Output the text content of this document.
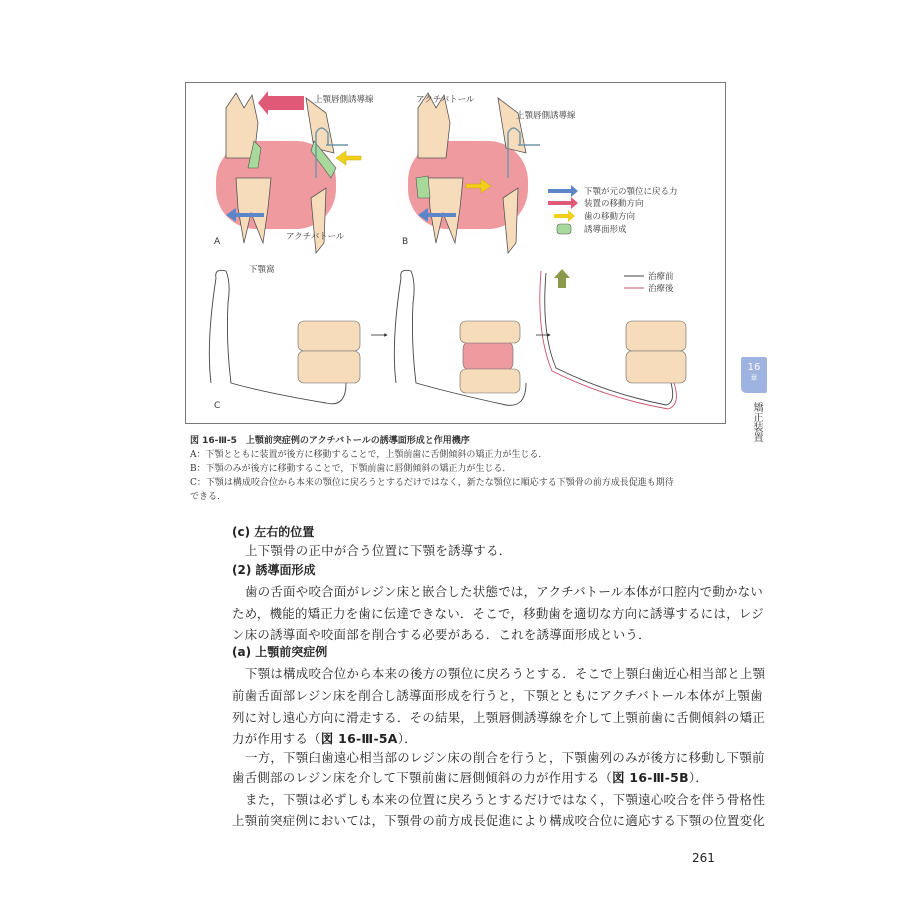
上顎唇側誘導線
アクチバトール
アクチバトール
上顎唇側誘導線
下顎が元の顎位に戻る力
装置の移動方向
歯の移動方向
誘導面形成
A	B
C
下顎窩
治療前
治療後
図 16-Ⅲ-5　上顎前突症例のアクチバトールの誘導面形成と作用機序
A：下顎とともに装置が後方に移動することで，上顎前歯に舌側傾斜の矯正力が生じる．
B：下顎のみが後方に移動することで，下顎前歯に唇側傾斜の矯正力が生じる．
C：下顎は構成咬合位から本来の顎位に戻ろうとするだけではなく，新たな顎位に順応する下顎骨の前方成長促進も期待
できる．
(c) 左右的位置
上下顎骨の正中が合う位置に下顎を誘導する．
(2) 誘導面形成
歯の舌面や咬合面がレジン床と嵌合した状態では，アクチバトール本体が口腔内で動かない
ため，機能的矯正力を歯に伝達できない．そこで，移動歯を適切な方向に誘導するには，レジ
ン床の誘導面や咬面部を削合する必要がある．これを誘導面形成という．
(a) 上顎前突症例
下顎は構成咬合位から本来の後方の顎位に戻ろうとする．そこで上顎臼歯近心相当部と上顎
前歯舌面部レジン床を削合し誘導面形成を行うと，下顎とともにアクチバトール本体が上顎歯
列に対し遠心方向に滑走する．その結果，上顎唇側誘導線を介して上顎前歯に舌側傾斜の矯正
力が作用する（図 16-Ⅲ-5A）．
一方，下顎臼歯遠心相当部のレジン床の削合を行うと，下顎歯列のみが後方に移動し下顎前
歯舌側部のレジン床を介して下顎前歯に唇側傾斜の力が作用する（図 16-Ⅲ-5B）．
また，下顎は必ずしも本来の位置に戻ろうとするだけではなく，下顎遠心咬合を伴う骨格性
上顎前突症例においては，下顎骨の前方成長促進により構成咬合位に適応する下顎の位置変化
16
章
矯正装置
261
